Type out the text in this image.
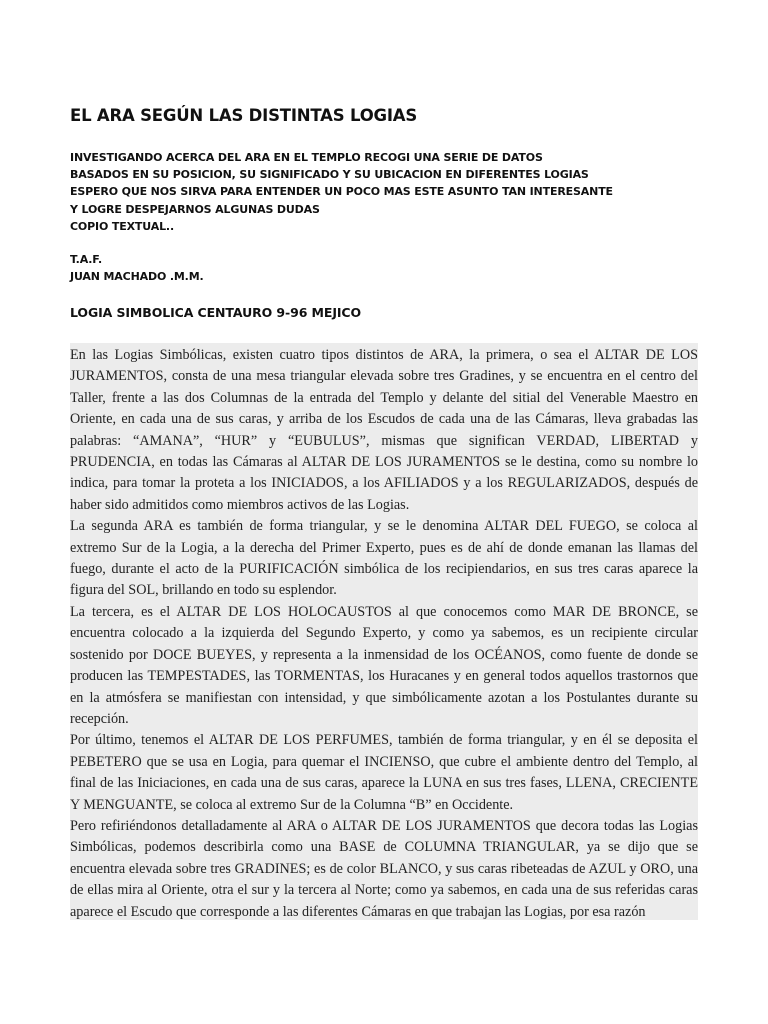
EL ARA SEGÚN LAS DISTINTAS LOGIAS
INVESTIGANDO ACERCA DEL ARA EN EL TEMPLO RECOGI UNA SERIE DE DATOS
BASADOS EN SU POSICION, SU SIGNIFICADO Y SU UBICACION EN DIFERENTES LOGIAS
ESPERO QUE NOS SIRVA PARA ENTENDER UN POCO MAS ESTE ASUNTO TAN INTERESANTE
Y LOGRE DESPEJARNOS ALGUNAS DUDAS
COPIO TEXTUAL..
T.A.F.
JUAN MACHADO .M.M.
LOGIA SIMBOLICA CENTAURO 9-96 MEJICO

En las Logias Simbólicas, existen cuatro tipos distintos de ARA, la primera, o sea el ALTAR DE LOS JURAMENTOS, consta de una mesa triangular elevada sobre tres Gradines, y se encuentra en el centro del Taller, frente a las dos Columnas de la entrada del Templo y delante del sitial del Venerable Maestro en Oriente, en cada una de sus caras, y arriba de los Escudos de cada una de las Cámaras, lleva grabadas las palabras: “AMANA”, “HUR” y “EUBULUS”, mismas que significan VERDAD, LIBERTAD y PRUDENCIA, en todas las Cámaras al ALTAR DE LOS JURAMENTOS se le destina, como su nombre lo indica, para tomar la proteta a los INICIADOS, a los AFILIADOS y a los REGULARIZADOS, después de haber sido admitidos como miembros activos de las Logias.

La segunda ARA es también de forma triangular, y se le denomina ALTAR DEL FUEGO, se coloca al extremo Sur de la Logia, a la derecha del Primer Experto, pues es de ahí de donde emanan las llamas del fuego, durante el acto de la PURIFICACIÓN simbólica de los recipiendarios, en sus tres caras aparece la figura del SOL, brillando en todo su esplendor.

La tercera, es el ALTAR DE LOS HOLOCAUSTOS al que conocemos como MAR DE BRONCE, se encuentra colocado a la izquierda del Segundo Experto, y como ya sabemos, es un recipiente circular sostenido por DOCE BUEYES, y representa a la inmensidad de los OCÉANOS, como fuente de donde se producen las TEMPESTADES, las TORMENTAS, los Huracanes y en general todos aquellos trastornos que en la atmósfera se manifiestan con intensidad, y que simbólicamente azotan a los Postulantes durante su recepción.

Por último, tenemos el ALTAR DE LOS PERFUMES, también de forma triangular, y en él se deposita el PEBETERO que se usa en Logia, para quemar el INCIENSO, que cubre el ambiente dentro del Templo, al final de las Iniciaciones, en cada una de sus caras, aparece la LUNA en sus tres fases, LLENA, CRECIENTE Y MENGUANTE, se coloca al extremo Sur de la Columna “B” en Occidente.

Pero refiriéndonos detalladamente al ARA o ALTAR DE LOS JURAMENTOS que decora todas las Logias Simbólicas, podemos describirla como una BASE de COLUMNA TRIANGULAR, ya se dijo que se encuentra elevada sobre tres GRADINES; es de color BLANCO, y sus caras ribeteadas de AZUL y ORO, una de ellas mira al Oriente, otra el sur y la tercera al Norte; como ya sabemos, en cada una de sus referidas caras aparece el Escudo que corresponde a las diferentes Cámaras en que trabajan las Logias, por esa razón
